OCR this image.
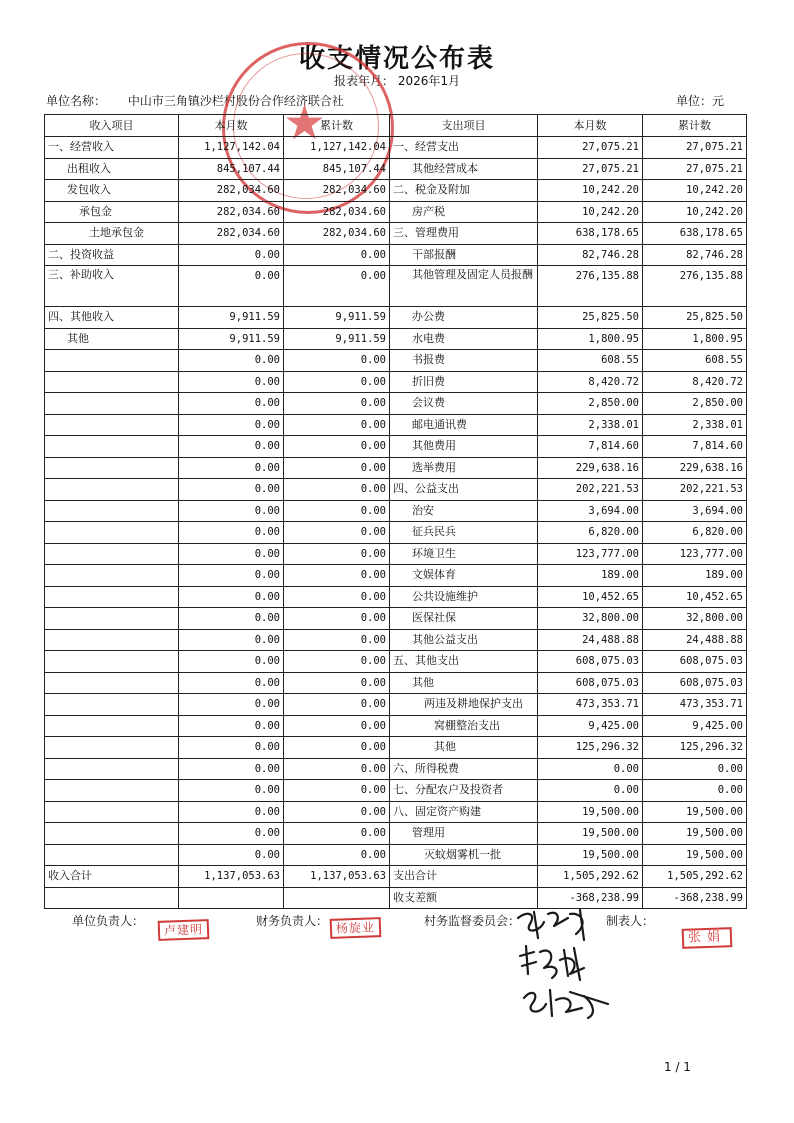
收支情况公布表
报表年月： 2026年1月
单位名称： 中山市三角镇沙栏村股份合作经济联合社	单位：元
★
收入项目	本月数	累计数	支出项目	本月数	累计数
一、经营收入	1,127,142.04	1,127,142.04	一、经营支出	27,075.21	27,075.21
出租收入	845,107.44	845,107.44	其他经营成本	27,075.21	27,075.21
发包收入	282,034.60	282,034.60	二、税金及附加	10,242.20	10,242.20
承包金	282,034.60	282,034.60	房产税	10,242.20	10,242.20
土地承包金	282,034.60	282,034.60	三、管理费用	638,178.65	638,178.65
二、投资收益	0.00	0.00	干部报酬	82,746.28	82,746.28
三、补助收入	0.00	0.00	其他管理及固定人员报酬	276,135.88	276,135.88
四、其他收入	9,911.59	9,911.59	办公费	25,825.50	25,825.50
其他	9,911.59	9,911.59	水电费	1,800.95	1,800.95
	0.00	0.00	书报费	608.55	608.55
	0.00	0.00	折旧费	8,420.72	8,420.72
	0.00	0.00	会议费	2,850.00	2,850.00
	0.00	0.00	邮电通讯费	2,338.01	2,338.01
	0.00	0.00	其他费用	7,814.60	7,814.60
	0.00	0.00	选举费用	229,638.16	229,638.16
	0.00	0.00	四、公益支出	202,221.53	202,221.53
	0.00	0.00	治安	3,694.00	3,694.00
	0.00	0.00	征兵民兵	6,820.00	6,820.00
	0.00	0.00	环境卫生	123,777.00	123,777.00
	0.00	0.00	文娱体育	189.00	189.00
	0.00	0.00	公共设施维护	10,452.65	10,452.65
	0.00	0.00	医保社保	32,800.00	32,800.00
	0.00	0.00	其他公益支出	24,488.88	24,488.88
	0.00	0.00	五、其他支出	608,075.03	608,075.03
	0.00	0.00	其他	608,075.03	608,075.03
	0.00	0.00	两违及耕地保护支出	473,353.71	473,353.71
	0.00	0.00	窝棚整治支出	9,425.00	9,425.00
	0.00	0.00	其他	125,296.32	125,296.32
	0.00	0.00	六、所得税费	0.00	0.00
	0.00	0.00	七、分配农户及投资者	0.00	0.00
	0.00	0.00	八、固定资产购建	19,500.00	19,500.00
	0.00	0.00	管理用	19,500.00	19,500.00
	0.00	0.00	灭蚊烟雾机一批	19,500.00	19,500.00
收入合计	1,137,053.63	1,137,053.63	支出合计	1,505,292.62	1,505,292.62
			收支差额	-368,238.99	-368,238.99
单位负责人：
卢建明
财务负责人： 杨旋业	村务监督委员会：	制表人：
张娟
1 / 1
